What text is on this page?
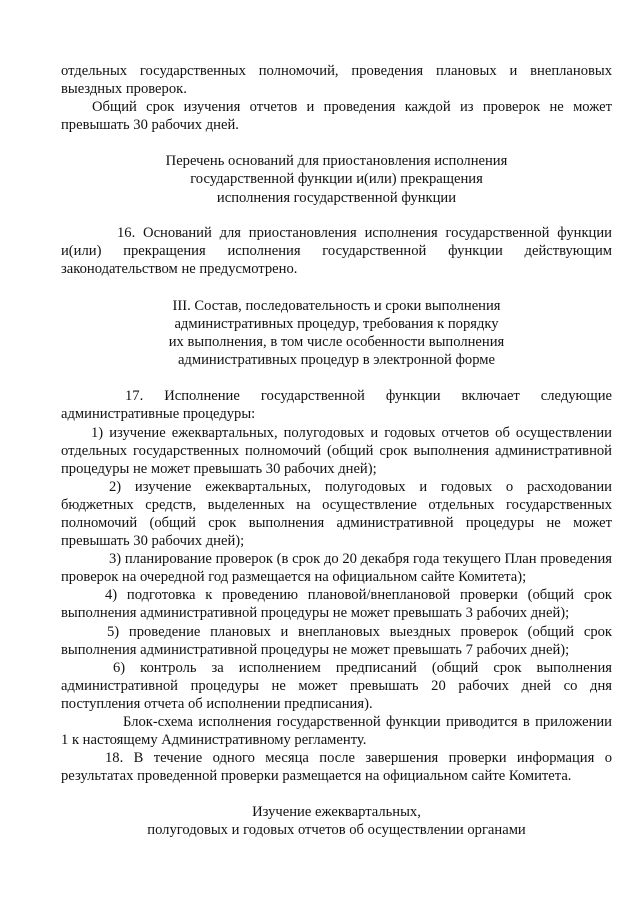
отдельных государственных полномочий, проведения плановых и внеплановых выездных проверок.

Общий срок изучения отчетов и проведения каждой из проверок не может превышать 30 рабочих дней.

Перечень оснований для приостановления исполнения
государственной функции и(или) прекращения
исполнения государственной функции

16. Оснований для приостановления исполнения государственной функции и(или) прекращения исполнения государственной функции действующим законодательством не предусмотрено.

III. Состав, последовательность и сроки выполнения
административных процедур, требования к порядку
их выполнения, в том числе особенности выполнения
административных процедур в электронной форме

17. Исполнение государственной функции включает следующие административные процедуры:

1) изучение ежеквартальных, полугодовых и годовых отчетов об осуществлении отдельных государственных полномочий (общий срок выполнения административной процедуры не может превышать 30 рабочих дней);

2) изучение ежеквартальных, полугодовых и годовых о расходовании бюджетных средств, выделенных на осуществление отдельных государственных полномочий (общий срок выполнения административной процедуры не может превышать 30 рабочих дней);

3) планирование проверок (в срок до 20 декабря года текущего План проведения проверок на очередной год размещается на официальном сайте Комитета);

4) подготовка к проведению плановой/внеплановой проверки (общий срок выполнения административной процедуры не может превышать 3 рабочих дней);

5) проведение плановых и внеплановых выездных проверок (общий срок выполнения административной процедуры не может превышать 7 рабочих дней);

6) контроль за исполнением предписаний (общий срок выполнения административной процедуры не может превышать 20 рабочих дней со дня поступления отчета об исполнении предписания).

Блок-схема исполнения государственной функции приводится в приложении 1 к настоящему Административному регламенту.

18. В течение одного месяца после завершения проверки информация о результатах проведенной проверки размещается на официальном сайте Комитета.

Изучение ежеквартальных,
полугодовых и годовых отчетов об осуществлении органами
